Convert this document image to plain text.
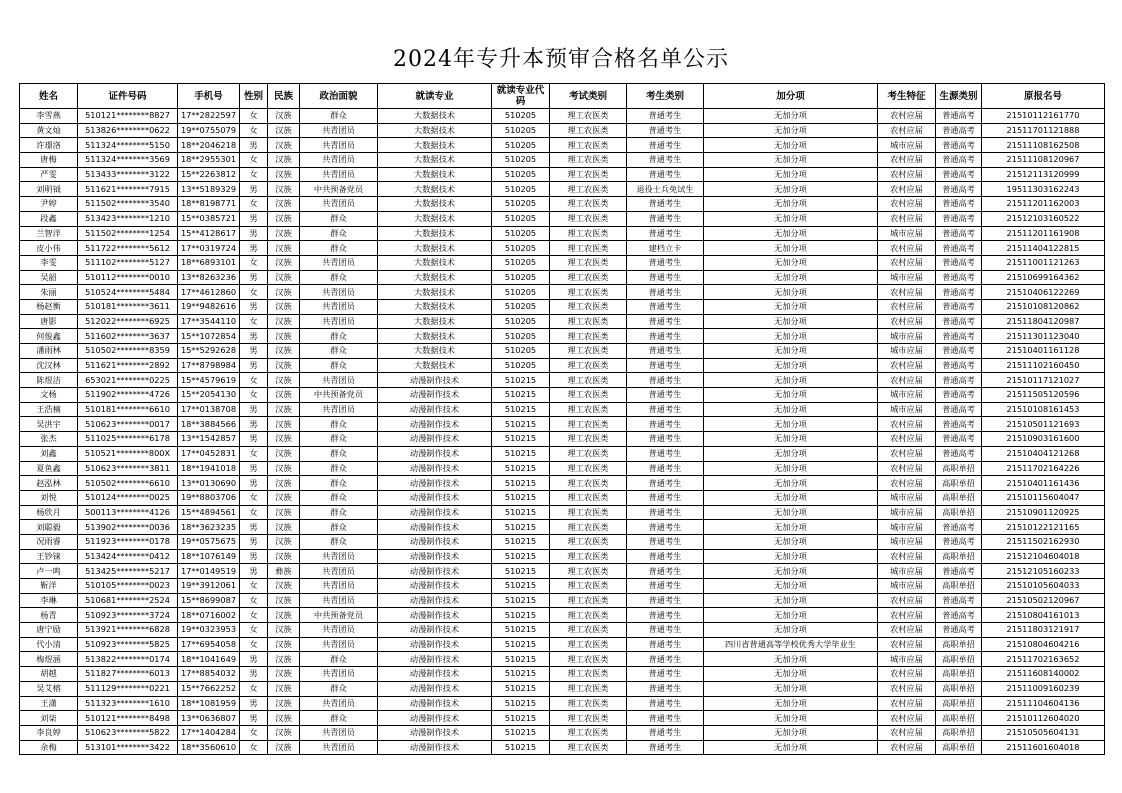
2024年专升本预审合格名单公示
姓名	证件号码	手机号	性别	民族	政治面貌	就读专业	就读专业代码	考试类别	考生类别	加分项	考生特征	生源类别	原报名号
李雪燕	510121********8827	17**2822597	女	汉族	群众	大数据技术	510205	理工农医类	普通考生	无加分项	农村应届	普通高考	21510112161770
黄文灿	513826********0622	19**0755079	女	汉族	共青团员	大数据技术	510205	理工农医类	普通考生	无加分项	农村应届	普通高考	21511701121888
许璟洛	511324********5150	18**2046218	男	汉族	共青团员	大数据技术	510205	理工农医类	普通考生	无加分项	城市应届	普通高考	21511108162508
唐梅	511324********3569	18**2955301	女	汉族	共青团员	大数据技术	510205	理工农医类	普通考生	无加分项	农村应届	普通高考	21511108120967
严雯	513433********3122	15**2263812	女	汉族	共青团员	大数据技术	510205	理工农医类	普通考生	无加分项	农村应届	普通高考	21512113120999
刘明钺	511621********7915	13**5189329	男	汉族	中共预备党员	大数据技术	510205	理工农医类	退役士兵免试生	无加分项	农村应届	普通高考	19511303162243
尹婷	511502********3540	18**8198771	女	汉族	共青团员	大数据技术	510205	理工农医类	普通考生	无加分项	农村应届	普通高考	21511201162003
段鑫	513423********1210	15**0385721	男	汉族	群众	大数据技术	510205	理工农医类	普通考生	无加分项	农村应届	普通高考	21512103160522
兰智洋	511502********1254	15**4128617	男	汉族	群众	大数据技术	510205	理工农医类	普通考生	无加分项	城市应届	普通高考	21511201161908
皮小伟	511722********5612	17**0319724	男	汉族	群众	大数据技术	510205	理工农医类	建档立卡	无加分项	农村应届	普通高考	21511404122815
李雯	511102********5127	18**6893101	女	汉族	共青团员	大数据技术	510205	理工农医类	普通考生	无加分项	农村应届	普通高考	21511001121263
吴韶	510112********0010	13**8263236	男	汉族	群众	大数据技术	510205	理工农医类	普通考生	无加分项	城市应届	普通高考	21510699164362
朱丽	510524********5484	17**4612860	女	汉族	共青团员	大数据技术	510205	理工农医类	普通考生	无加分项	农村应届	普通高考	21510406122269
杨赵衡	510181********3611	19**9482616	男	汉族	共青团员	大数据技术	510205	理工农医类	普通考生	无加分项	农村应届	普通高考	21510108120862
唐影	512022********6925	17**3544110	女	汉族	共青团员	大数据技术	510205	理工农医类	普通考生	无加分项	农村应届	普通高考	21511804120987
何俊鑫	511602********3637	15**1072854	男	汉族	群众	大数据技术	510205	理工农医类	普通考生	无加分项	城市应届	普通高考	21511301123040
潘雨林	510502********8359	15**5292628	男	汉族	群众	大数据技术	510205	理工农医类	普通考生	无加分项	城市应届	普通高考	21510401161128
沈汉林	511621********2892	17**8798984	男	汉族	群众	大数据技术	510205	理工农医类	普通考生	无加分项	农村应届	普通高考	21511102160450
陈煜洁	653021********0225	15**4579619	女	汉族	共青团员	动漫制作技术	510215	理工农医类	普通考生	无加分项	农村应届	普通高考	21510117121027
文杨	511902********4726	15**2054130	女	汉族	中共预备党员	动漫制作技术	510215	理工农医类	普通考生	无加分项	城市应届	普通高考	21511505120596
王浩楠	510181********6610	17**0138708	男	汉族	共青团员	动漫制作技术	510215	理工农医类	普通考生	无加分项	城市应届	普通高考	21510108161453
吴洪宇	510623********0017	18**3884566	男	汉族	群众	动漫制作技术	510215	理工农医类	普通考生	无加分项	农村应届	普通高考	21510501121693
张杰	511025********6178	13**1542857	男	汉族	群众	动漫制作技术	510215	理工农医类	普通考生	无加分项	农村应届	普通高考	21510903161600
刘鑫	510521********800X	17**0452831	女	汉族	群众	动漫制作技术	510215	理工农医类	普通考生	无加分项	农村应届	普通高考	21510404121268
夏鱼鑫	510623********3811	18**1941018	男	汉族	群众	动漫制作技术	510215	理工农医类	普通考生	无加分项	农村应届	高职单招	21511702164226
赵泓林	510502********6610	13**0130690	男	汉族	群众	动漫制作技术	510215	理工农医类	普通考生	无加分项	农村应届	高职单招	21510401161436
刘悦	510124********0025	19**8803706	女	汉族	群众	动漫制作技术	510215	理工农医类	普通考生	无加分项	城市应届	高职单招	21510115604047
杨欣月	500113********4126	15**4894561	女	汉族	群众	动漫制作技术	510215	理工农医类	普通考生	无加分项	城市应届	高职单招	21510901120925
刘聪毅	513902********0036	18**3623235	男	汉族	群众	动漫制作技术	510215	理工农医类	普通考生	无加分项	城市应届	普通高考	21510122121165
况雨睿	511923********0178	19**0575675	男	汉族	群众	动漫制作技术	510215	理工农医类	普通考生	无加分项	城市应届	普通高考	21511502162930
王钞铼	513424********0412	18**1076149	男	汉族	共青团员	动漫制作技术	510215	理工农医类	普通考生	无加分项	农村应届	高职单招	21512104604018
卢一鸣	513425********5217	17**0149519	男	彝族	共青团员	动漫制作技术	510215	理工农医类	普通考生	无加分项	城市应届	普通高考	21512105160233
靳洋	510105********0023	19**3912061	女	汉族	共青团员	动漫制作技术	510215	理工农医类	普通考生	无加分项	城市应届	高职单招	21510105604033
李琳	510681********2524	15**8699087	女	汉族	共青团员	动漫制作技术	510215	理工农医类	普通考生	无加分项	农村应届	普通高考	21510502120967
杨青	510923********3724	18**0716002	女	汉族	中共预备党员	动漫制作技术	510215	理工农医类	普通考生	无加分项	农村应届	普通高考	21510804161013
唐宁励	513921********6828	19**0323953	女	汉族	共青团员	动漫制作技术	510215	理工农医类	普通考生	无加分项	农村应届	普通高考	21511803121917
代小清	510923********5825	17**6954058	女	汉族	共青团员	动漫制作技术	510215	理工农医类	普通考生	四川省普通高等学校优秀大学毕业生	农村应届	高职单招	21510804604216
梅煜涵	513822********0174	18**1041649	男	汉族	群众	动漫制作技术	510215	理工农医类	普通考生	无加分项	城市应届	高职单招	21511702163652
胡越	511827********6013	17**8854032	男	汉族	共青团员	动漫制作技术	510215	理工农医类	普通考生	无加分项	农村应届	高职单招	21511608140002
吴艾榕	511129********0221	15**7662252	女	汉族	群众	动漫制作技术	510215	理工农医类	普通考生	无加分项	农村应届	高职单招	21511009160239
王潇	511323********1610	18**1081959	男	汉族	共青团员	动漫制作技术	510215	理工农医类	普通考生	无加分项	农村应届	高职单招	21511104604136
刘柒	510121********8498	13**0636807	男	汉族	群众	动漫制作技术	510215	理工农医类	普通考生	无加分项	农村应届	高职单招	21510112604020
李良婷	510623********5822	17**1404284	女	汉族	共青团员	动漫制作技术	510215	理工农医类	普通考生	无加分项	农村应届	高职单招	21510505604131
余梅	513101********3422	18**3560610	女	汉族	共青团员	动漫制作技术	510215	理工农医类	普通考生	无加分项	农村应届	高职单招	21511601604018
